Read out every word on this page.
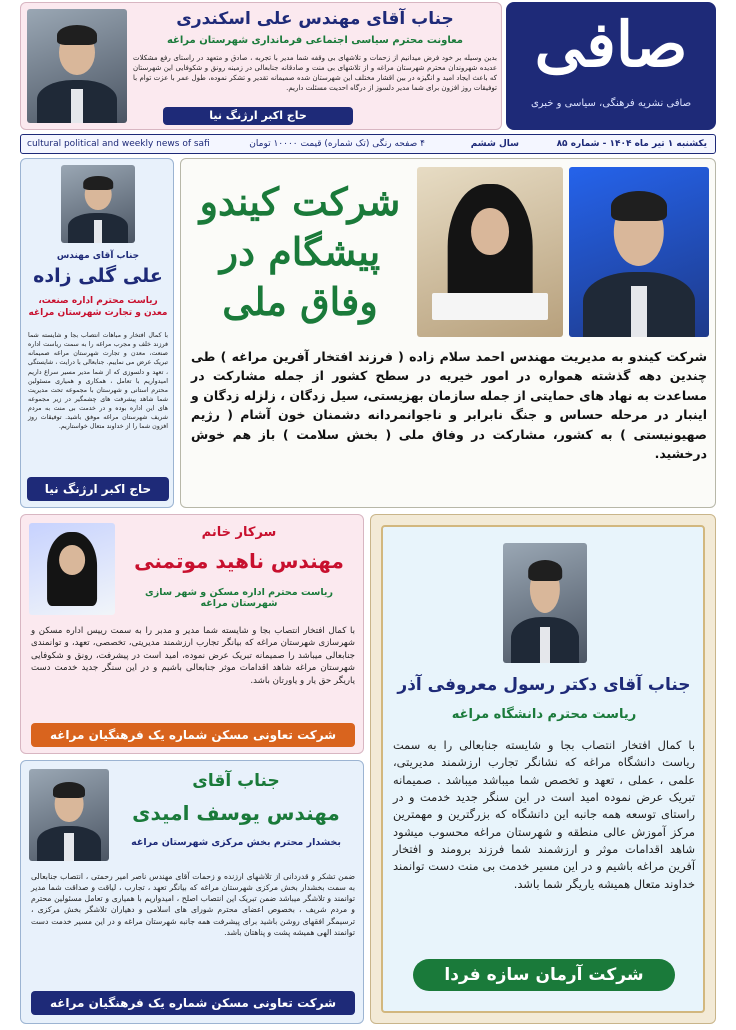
صافی
صافی نشریه فرهنگی، سیاسی و خبری
جناب آقای مهندس علی اسکندری
معاونت محترم سیاسی اجتماعی فرمانداری شهرستان مراغه
بدین وسیله بر خود فرض میدانیم از زحمات و تلاشهای بی وقفه شما مدیر با تجربه ، صادق و متعهد در راستای رفع مشکلات عدیده شهروندان محترم شهرستان مراغه و از تلاشهای بی منت و صادقانه جنابعالی در زمینه رونق و شکوفایی این شهرستان که باعث ایجاد امید و انگیزه در بین اقشار مختلف این شهرستان شده صمیمانه تقدیر و تشکر نموده، طول عمر با عزت توام با توفیقات روز افزون برای شما مدیر دلسوز از درگاه احدیت مسئلت داریم.
حاج اکبر ارژنگ نیا
یکشنبه ۱ تیر ماه ۱۴۰۴ - شماره ۸۵
سال ششم
۴ صفحه رنگی (تک شماره) قیمت ۱۰۰۰۰ تومان
cultural political and weekly news of safi
جناب آقای مهندس
علی گلی زاده
ریاست محترم اداره صنعت، معدن و تجارت شهرستان مراغه
با کمال افتخار و مباهات انتصاب بجا و شایسته شما فرزند خلف و مجرب مراغه را به سمت ریاست اداره صنعت، معدن و تجارت شهرستان مراغه صمیمانه تبریک عرض می نماییم. جنابعالی با درایت ، شایستگی ، تعهد و دلسوزی که از شما مدیر مسیر سراغ داریم امیدواریم با تعامل ، همکاری و همیاری مسئولین محترم استانی و شهرستان با مجموعه تحت مدیریت شما شاهد پیشرفت های چشمگیر در زیر مجموعه های این اداره بوده و در خدمت بی منت به مردم شریف شهرستان مراغه موفق باشید. توفیقات روز افزون شما را از خداوند متعال خواستاریم.
حاج اکبر ارژنگ نیا
شرکت کیندو پیشگام در وفاق ملی
شرکت کیندو به مدیریت مهندس احمد سلام زاده ( فرزند افتخار آفرین مراغه ) طی چندین دهه گذشته همواره در امور خیریه در سطح کشور از جمله مشارکت در مساعدت به نهاد های حمایتی از جمله سازمان بهزیستی، سیل زدگان ، زلزله زدگان و اینبار در مرحله حساس و جنگ نابرابر و ناجوانمردانه دشمنان خون آشام ( رژیم صهیونیستی ) به کشور، مشارکت در وفاق ملی ( بخش سلامت ) باز هم خوش درخشید.
سرکار خانم
مهندس ناهید موتمنی
ریاست محترم اداره مسکن و شهر سازی شهرستان مراغه
با کمال افتخار انتصاب بجا و شایسته شما مدیر و مدبر را به سمت رییس اداره مسکن و شهرسازی شهرستان مراغه که بیانگر تجارب ارزشمند مدیریتی، تخصصی، تعهد، و توانمندی جنابعالی میباشد را صمیمانه تبریک عرض نموده، امید است در پیشرفت، رونق و شکوفایی شهرستان مراغه شاهد اقدامات موثر جنابعالی باشیم و در این سنگر جدید خدمت دست یاریگر حق یار و یاورتان باشد.
شرکت تعاونی مسکن شماره یک فرهنگیان مراغه
جناب آقای
مهندس یوسف امیدی
بخشدار محترم بخش مرکزی شهرستان مراغه
ضمن تشکر و قدردانی از تلاشهای ارزنده و زحمات آقای مهندس ناصر امیر رحمتی ، انتصاب جنابعالی به سمت بخشدار بخش مرکزی شهرستان مراغه که بیانگر تعهد ، تجارب ، لیاقت و صداقت شما مدیر توانمند و تلاشگر میباشد ضمن تبریک این انتصاب اصلح ، امیدواریم با همیاری و تعامل مسئولین محترم و مردم شریف ، بخصوص اعضای محترم شورای های اسلامی و دهیاران تلاشگر بخش مرکزی ، ترسیمگر افقهای روشن باشید برای پیشرفت همه جانبه شهرستان مراغه و در این مسیر خدمت دست توانمند الهی همیشه پشت و پناهتان باشد.
شرکت تعاونی مسکن شماره یک فرهنگیان مراغه
جناب آقای دکتر رسول معروفی آذر
ریاست محترم دانشگاه مراغه
با کمال افتخار انتصاب بجا و شایسته جنابعالی را به سمت ریاست دانشگاه مراغه که نشانگر تجارب ارزشمند مدیریتی، علمی ، عملی ، تعهد و تخصص شما میباشد میباشد . صمیمانه تبریک عرض نموده امید است در این سنگر جدید خدمت و در راستای توسعه همه جانبه این دانشگاه که بزرگترین و مهمترین مرکز آموزش عالی منطقه و شهرستان مراغه محسوب میشود شاهد اقدامات موثر و ارزشمند شما فرزند برومند و افتخار آفرین مراغه باشیم و در این مسیر خدمت بی منت دست توانمند خداوند متعال همیشه یاریگر شما باشد.
شرکت آرمان سازه فردا
